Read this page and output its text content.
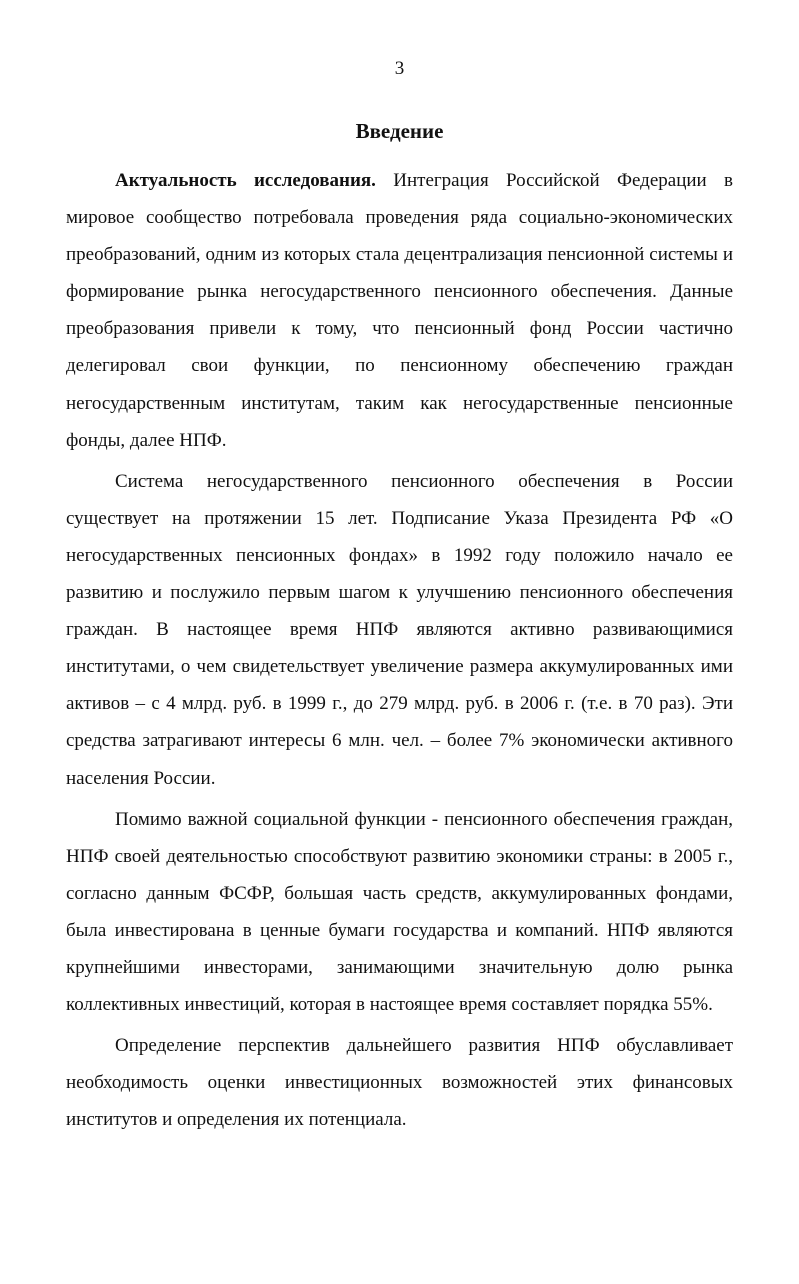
3
Введение

Актуальность исследования. Интеграция Российской Федерации в мировое сообщество потребовала проведения ряда социально-экономических преобразований, одним из которых стала децентрализация пенсионной системы и формирование рынка негосударственного пенсионного обеспечения. Данные преобразования привели к тому, что пенсионный фонд России частично делегировал свои функции, по пенсионному обеспечению граждан негосударственным институтам, таким как негосударственные пенсионные фонды, далее НПФ.

Система негосударственного пенсионного обеспечения в России существует на протяжении 15 лет. Подписание Указа Президента РФ «О негосударственных пенсионных фондах» в 1992 году положило начало ее развитию и послужило первым шагом к улучшению пенсионного обеспечения граждан. В настоящее время НПФ являются активно развивающимися институтами, о чем свидетельствует увеличение размера аккумулированных ими активов – с 4 млрд. руб. в 1999 г., до 279 млрд. руб. в 2006 г. (т.е. в 70 раз). Эти средства затрагивают интересы 6 млн. чел. – более 7% экономически активного населения России.

Помимо важной социальной функции - пенсионного обеспечения граждан, НПФ своей деятельностью способствуют развитию экономики страны: в 2005 г., согласно данным ФСФР, большая часть средств, аккумулированных фондами, была инвестирована в ценные бумаги государства и компаний. НПФ являются крупнейшими инвесторами, занимающими значительную долю рынка коллективных инвестиций, которая в настоящее время составляет порядка 55%.

Определение перспектив дальнейшего развития НПФ обуславливает необходимость оценки инвестиционных возможностей этих финансовых институтов и определения их потенциала.
